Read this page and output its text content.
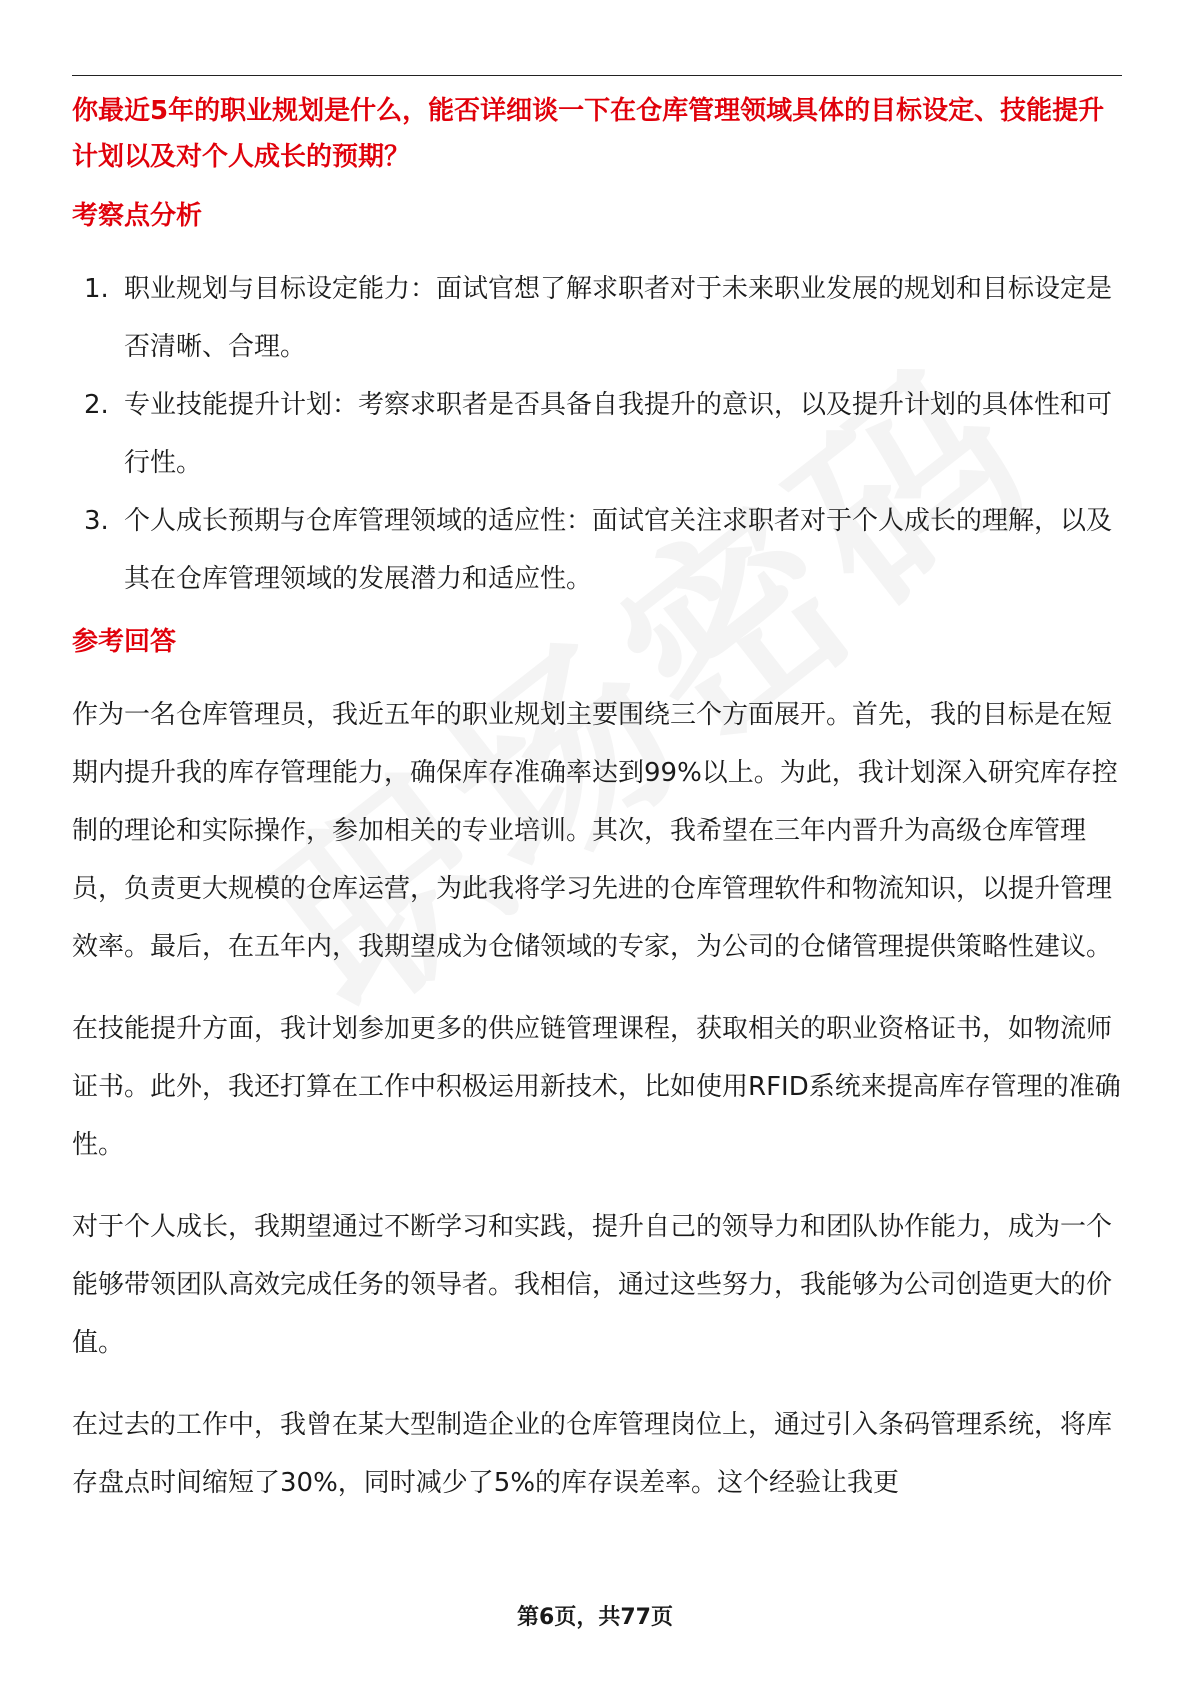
你最近5年的职业规划是什么，能否详细谈一下在仓库管理领域具体的目标设定、技能提升计划以及对个人成长的预期？

考察点分析
1. 职业规划与目标设定能力：面试官想了解求职者对于未来职业发展的规划和目标设定是否清晰、合理。
2. 专业技能提升计划：考察求职者是否具备自我提升的意识，以及提升计划的具体性和可行性。
3. 个人成长预期与仓库管理领域的适应性：面试官关注求职者对于个人成长的理解，以及其在仓库管理领域的发展潜力和适应性。
参考回答

作为一名仓库管理员，我近五年的职业规划主要围绕三个方面展开。首先，我的目标是在短期内提升我的库存管理能力，确保库存准确率达到99%以上。为此，我计划深入研究库存控制的理论和实际操作，参加相关的专业培训。其次，我希望在三年内晋升为高级仓库管理员，负责更大规模的仓库运营，为此我将学习先进的仓库管理软件和物流知识，以提升管理效率。最后，在五年内，我期望成为仓储领域的专家，为公司的仓储管理提供策略性建议。

在技能提升方面，我计划参加更多的供应链管理课程，获取相关的职业资格证书，如物流师证书。此外，我还打算在工作中积极运用新技术，比如使用RFID系统来提高库存管理的准确性。

对于个人成长，我期望通过不断学习和实践，提升自己的领导力和团队协作能力，成为一个能够带领团队高效完成任务的领导者。我相信，通过这些努力，我能够为公司创造更大的价值。

在过去的工作中，我曾在某大型制造企业的仓库管理岗位上，通过引入条码管理系统，将库存盘点时间缩短了30%，同时减少了5%的库存误差率。这个经验让我更

第6页，共77页
